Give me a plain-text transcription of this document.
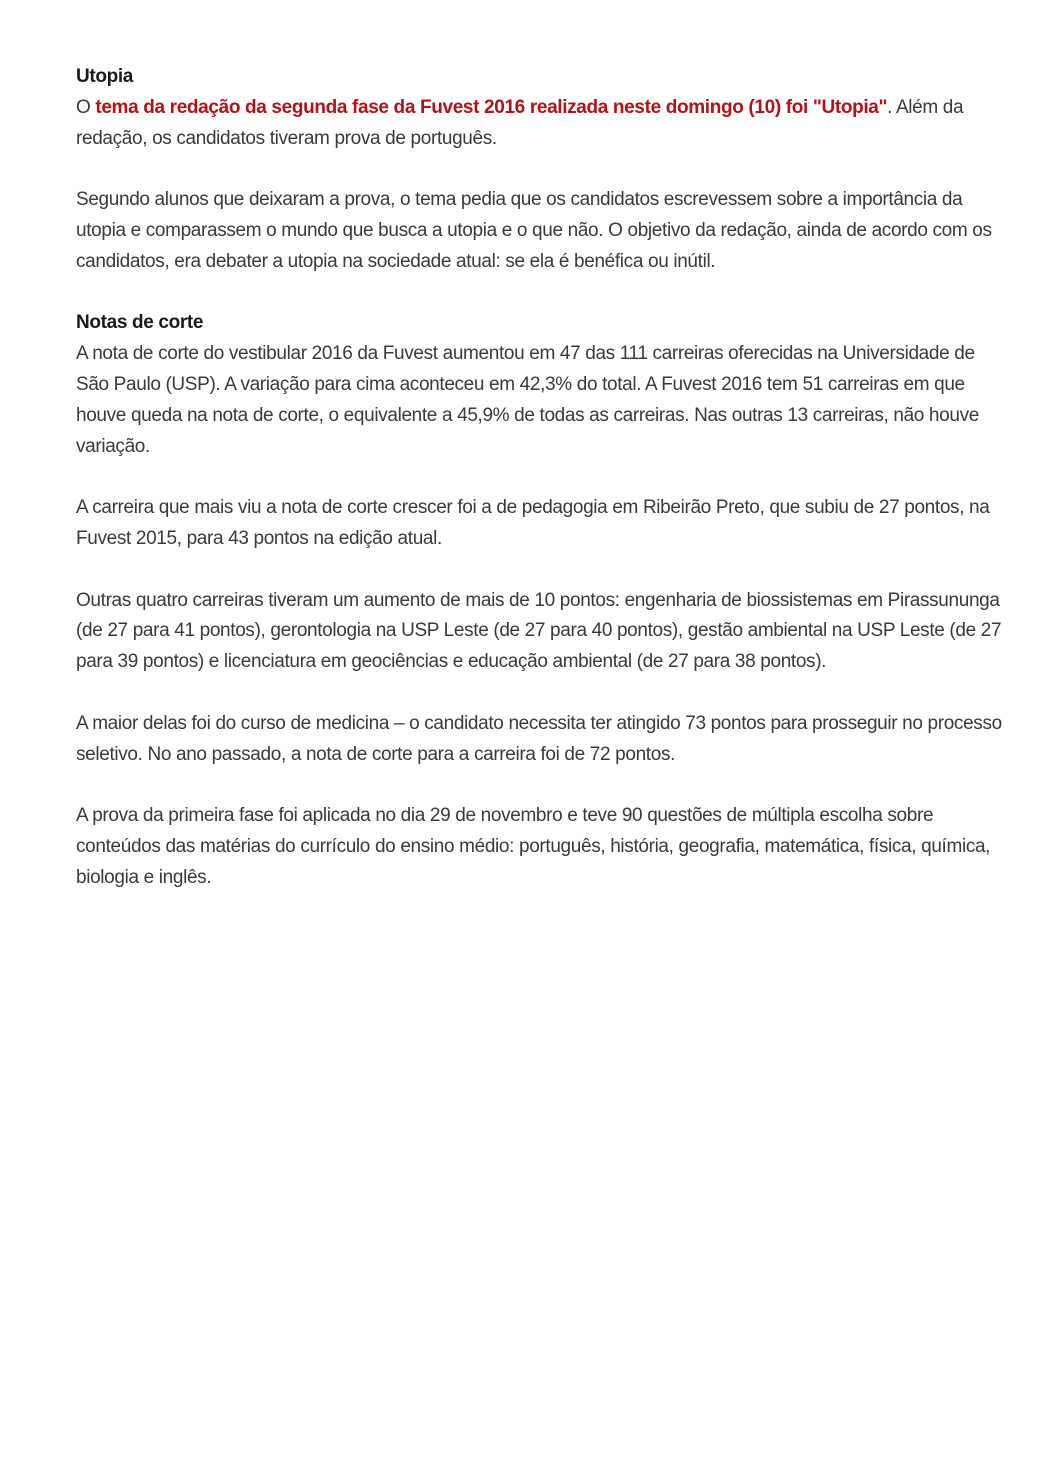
Utopia

O tema da redação da segunda fase da Fuvest 2016 realizada neste domingo (10) foi "Utopia". Além da redação, os candidatos tiveram prova de português.

Segundo alunos que deixaram a prova, o tema pedia que os candidatos escrevessem sobre a importância da utopia e comparassem o mundo que busca a utopia e o que não. O objetivo da redação, ainda de acordo com os candidatos, era debater a utopia na sociedade atual: se ela é benéfica ou inútil.

Notas de corte

A nota de corte do vestibular 2016 da Fuvest aumentou em 47 das 111 carreiras oferecidas na Universidade de São Paulo (USP). A variação para cima aconteceu em 42,3% do total. A Fuvest 2016 tem 51 carreiras em que houve queda na nota de corte, o equivalente a 45,9% de todas as carreiras. Nas outras 13 carreiras, não houve variação.

A carreira que mais viu a nota de corte crescer foi a de pedagogia em Ribeirão Preto, que subiu de 27 pontos, na Fuvest 2015, para 43 pontos na edição atual.

Outras quatro carreiras tiveram um aumento de mais de 10 pontos: engenharia de biossistemas em Pirassununga (de 27 para 41 pontos), gerontologia na USP Leste (de 27 para 40 pontos), gestão ambiental na USP Leste (de 27 para 39 pontos) e licenciatura em geociências e educação ambiental (de 27 para 38 pontos).

A maior delas foi do curso de medicina – o candidato necessita ter atingido 73 pontos para prosseguir no processo seletivo. No ano passado, a nota de corte para a carreira foi de 72 pontos.

A prova da primeira fase foi aplicada no dia 29 de novembro e teve 90 questões de múltipla escolha sobre conteúdos das matérias do currículo do ensino médio: português, história, geografia, matemática, física, química, biologia e inglês.
